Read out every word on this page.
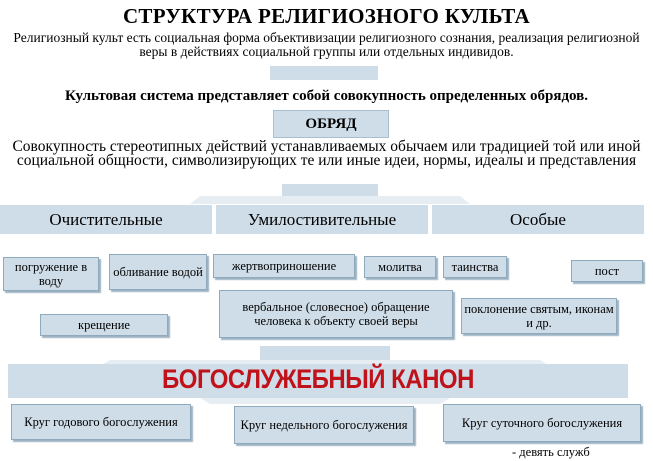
СТРУКТУРА РЕЛИГИОЗНОГО КУЛЬТА
Религиозный культ есть социальная форма объективизации религиозного сознания, реализация религиозной веры в действиях социальной группы или отдельных индивидов.
Культовая система представляет собой совокупность определенных обрядов.
ОБРЯД
Совокупность стереотипных действий устанавливаемых обычаем или традицией той или иной социальной общности, символизирующих те или иные идеи, нормы, идеалы и представления
Очистительные	Умилостивительные	Особые
погружение в воду
обливание водой
крещение
жертвоприношение	молитва
вербальное (словесное) обращение человека к объекту своей веры
таинства	пост
поклонение святым, иконам и др.
БОГОСЛУЖЕБНЫЙ КАНОН
Круг годового богослужения	Круг недельного богослужения	Круг суточного богослужения
- девять служб
